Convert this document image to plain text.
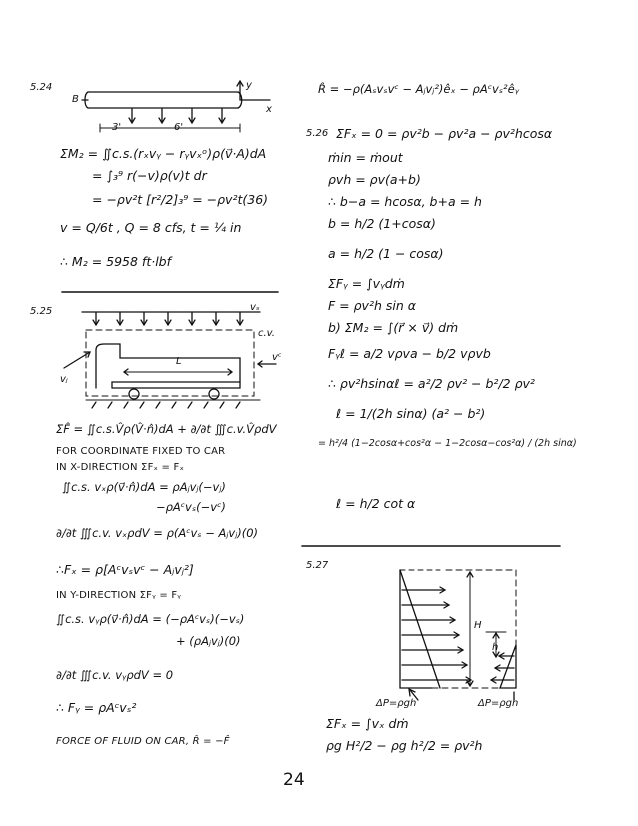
5.24
B
y
x
3'	6'
ΣM₂ = ∬c.s.(rₓvᵧ − rᵧvₓᵒ)ρ(v⃗·A)dA
= ∫₃⁹ r(−v)ρ(v)t dr
= −ρv²t [r²/2]₃⁹ = −ρv²t(36)
v = Q/6t , Q = 8 cfs, t = ¼ in
∴ M₂ = 5958 ft·lbf
5.25	vₛ
c.v.
L	vᶜ
vⱼ
ΣF̂ = ∬c.s.V̂ρ(V̂·n̂)dA + ∂/∂t ∭c.v.V̂ρdV
FOR COORDINATE FIXED TO CAR
IN X-DIRECTION ΣFₓ = Fₓ
∬c.s. vₓρ(v⃗·n̂)dA = ρAⱼvⱼ(−vⱼ)
−ρAᶜvₛ(−vᶜ)
∂/∂t ∭c.v. vₓρdV = ρ(Aᶜvₛ − Aⱼvⱼ)(0)
∴Fₓ = ρ[Aᶜvₛvᶜ − Aⱼvⱼ²]
IN Y-DIRECTION ΣFᵧ = Fᵧ
∬c.s. vᵧρ(v⃗·n̂)dA = (−ρAᶜvₛ)(−vₛ)
+ (ρAⱼvⱼ)(0)
∂/∂t ∭c.v. vᵧρdV = 0
∴ Fᵧ = ρAᶜvₛ²
FORCE OF FLUID ON CAR, R̂ = −F̂
R̂ = −ρ(Aₛvₛvᶜ − Aⱼvⱼ²)êₓ − ρAᶜvₛ²êᵧ
5.26 ΣFₓ = 0 = ρv²b − ρv²a − ρv²hcosα
ṁin = ṁout
ρvh = ρv(a+b)
∴ b−a = hcosα, b+a = h
b = h/2 (1+cosα)
a = h/2 (1 − cosα)
ΣFᵧ = ∫vᵧdṁ
F = ρv²h sin α
b) ΣM₂ = ∫(r⃗ × v⃗) dṁ
Fᵧℓ = a/2 vρva − b/2 vρvb
∴ ρv²hsinαℓ = a²/2 ρv² − b²/2 ρv²
ℓ = 1/(2h sinα) (a² − b²)
= h²/4 (1−2cosα+cos²α − 1−2cosα−cos²α) / (2h sinα)
ℓ = h/2 cot α
5.27
H
h
ΔP=ρgh	ΔP=ρgh
ΣFₓ = ∫vₓ dṁ
ρg H²/2 − ρg h²/2 = ρv²h
24
